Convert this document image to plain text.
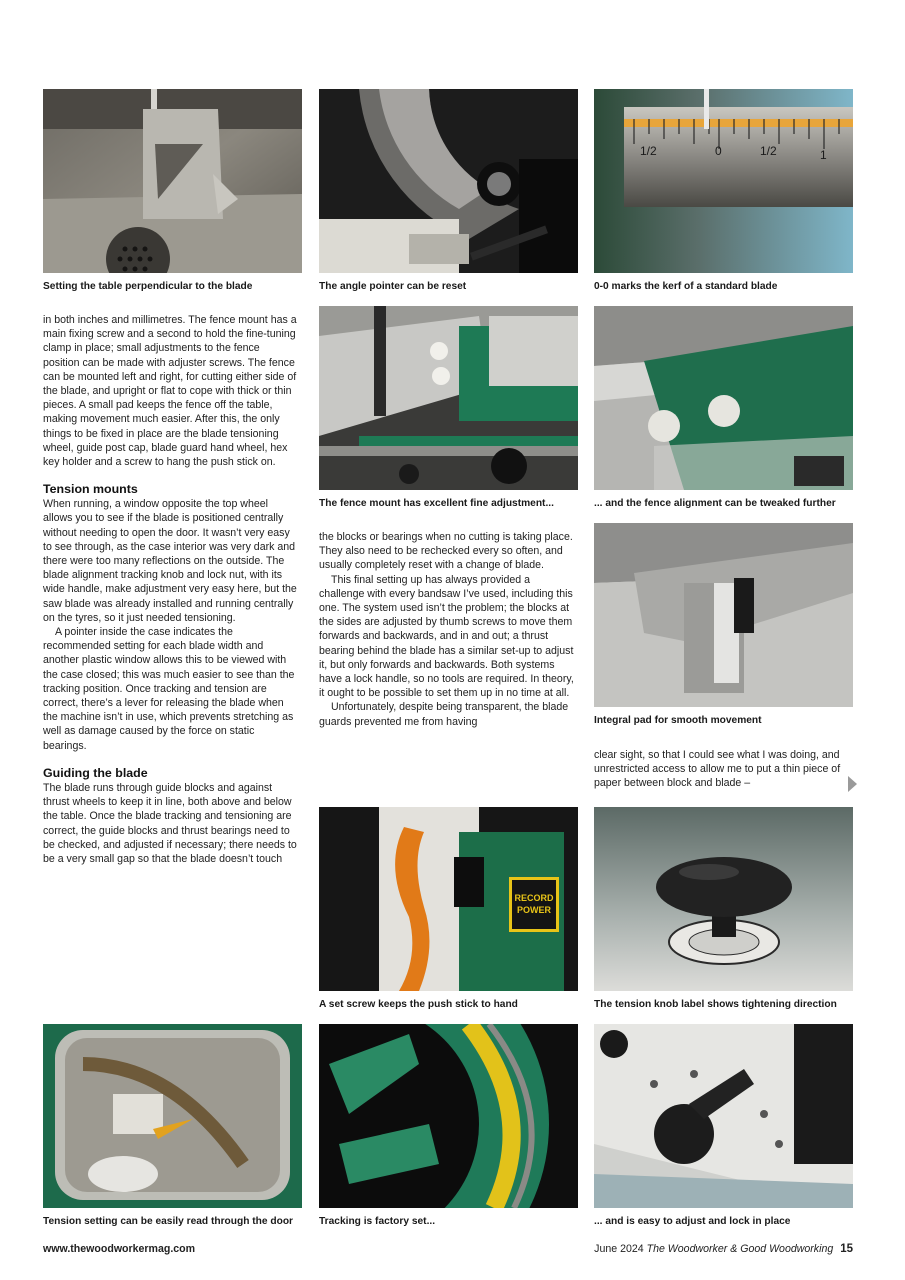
Setting the table perpendicular to the blade	The angle pointer can be reset
1/2	0	1/2	1
0-0 marks the kerf of a standard blade

in both inches and millimetres. The fence mount has a main fixing screw and a second to hold the fine-tuning clamp in place; small adjustments to the fence position can be made with adjuster screws. The fence can be mounted left and right, for cutting either side of the blade, and upright or flat to cope with thick or thin pieces. A small pad keeps the fence off the table, making movement much easier. After this, the only things to be fixed in place are the blade tensioning wheel, guide post cap, blade guard hand wheel, hex key holder and a screw to hang the push stick on.

Tension mounts

When running, a window opposite the top wheel allows you to see if the blade is positioned centrally without needing to open the door. It wasn’t very easy to see through, as the case interior was very dark and there were too many reflections on the outside. The blade alignment tracking knob and lock nut, with its wide handle, make adjustment very easy here, but the saw blade was already installed and running centrally on the tyres, so it just needed tensioning.

A pointer inside the case indicates the recommended setting for each blade width and another plastic window allows this to be viewed with the case closed; this was much easier to see than the tracking position. Once tracking and tension are correct, there’s a lever for releasing the blade when the machine isn’t in use, which prevents stretching as well as damage caused by the force on static bearings.

Guiding the blade

The blade runs through guide blocks and against thrust wheels to keep it in line, both above and below the table. Once the blade tracking and tensioning are correct, the guide blocks and thrust bearings need to be checked, and adjusted if necessary; there needs to be a very small gap so that the blade doesn’t touch

The fence mount has excellent fine adjustment...	... and the fence alignment can be tweaked further

the blocks or bearings when no cutting is taking place. They also need to be rechecked every so often, and usually completely reset with a change of blade.

This final setting up has always provided a challenge with every bandsaw I’ve used, including this one. The system used isn’t the problem; the blocks at the sides are adjusted by thumb screws to move them forwards and backwards, and in and out; a thrust bearing behind the blade has a similar set-up to adjust it, but only forwards and backwards. Both systems have a lock handle, so no tools are required. In theory, it ought to be possible to set them up in no time at all.

Unfortunately, despite being transparent, the blade guards prevented me from having	Integral pad for smooth movement

clear sight, so that I could see what I was doing, and unrestricted access to allow me to put a thin piece of paper between block and blade –

RECORD
POWER
A set screw keeps the push stick to hand	The tension knob label shows tightening direction
Tension setting can be easily read through the door	Tracking is factory set...	... and is easy to adjust and lock in place
www.thewoodworkermag.com	June 2024 The Woodworker & Good Woodworking 15
